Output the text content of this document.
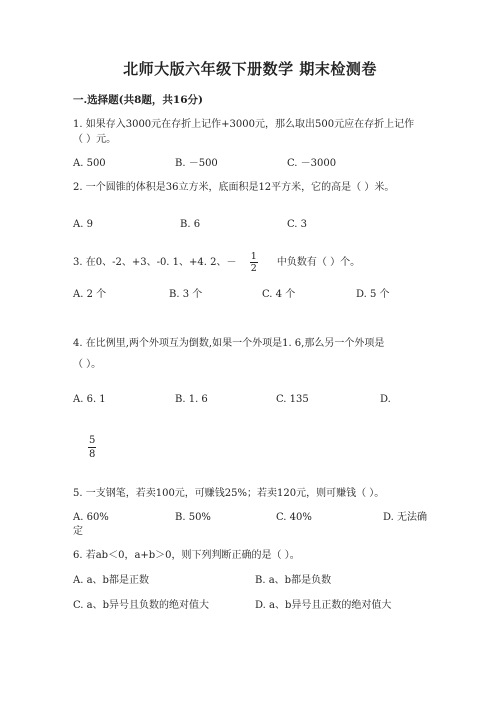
北师大版六年级下册数学 期末检测卷
一.选择题(共8题，共16分)
1. 如果存入3000元在存折上记作+3000元，那么取出500元应在存折上记作
（ ）元。
A. 500	B. －500	C. －3000
2. 一个圆锥的体积是36立方米，底面积是12平方米，它的高是（ ）米。
A. 9	B. 6	C. 3
3. 在0、-2、+3、-0. 1、+4. 2、－ $\frac{1}{2}$ 中负数有（ ）个。
A. 2 个	B. 3 个	C. 4 个	D. 5 个
4. 在比例里,两个外项互为倒数,如果一个外项是1. 6,那么另一个外项是
（ ）。
A. 6. 1	B. 1. 6	C. 135	D.
$\frac{5}{8}$
5. 一支钢笔，若卖100元，可赚钱25%；若卖120元，则可赚钱（ ）。
A. 60%	B. 50%	C. 40%	D. 无法确
定
6. 若ab＜0，a+b＞0，则下列判断正确的是（ ）。
A. a、b都是正数	B. a、b都是负数
C. a、b异号且负数的绝对值大	D. a、b异号且正数的绝对值大
